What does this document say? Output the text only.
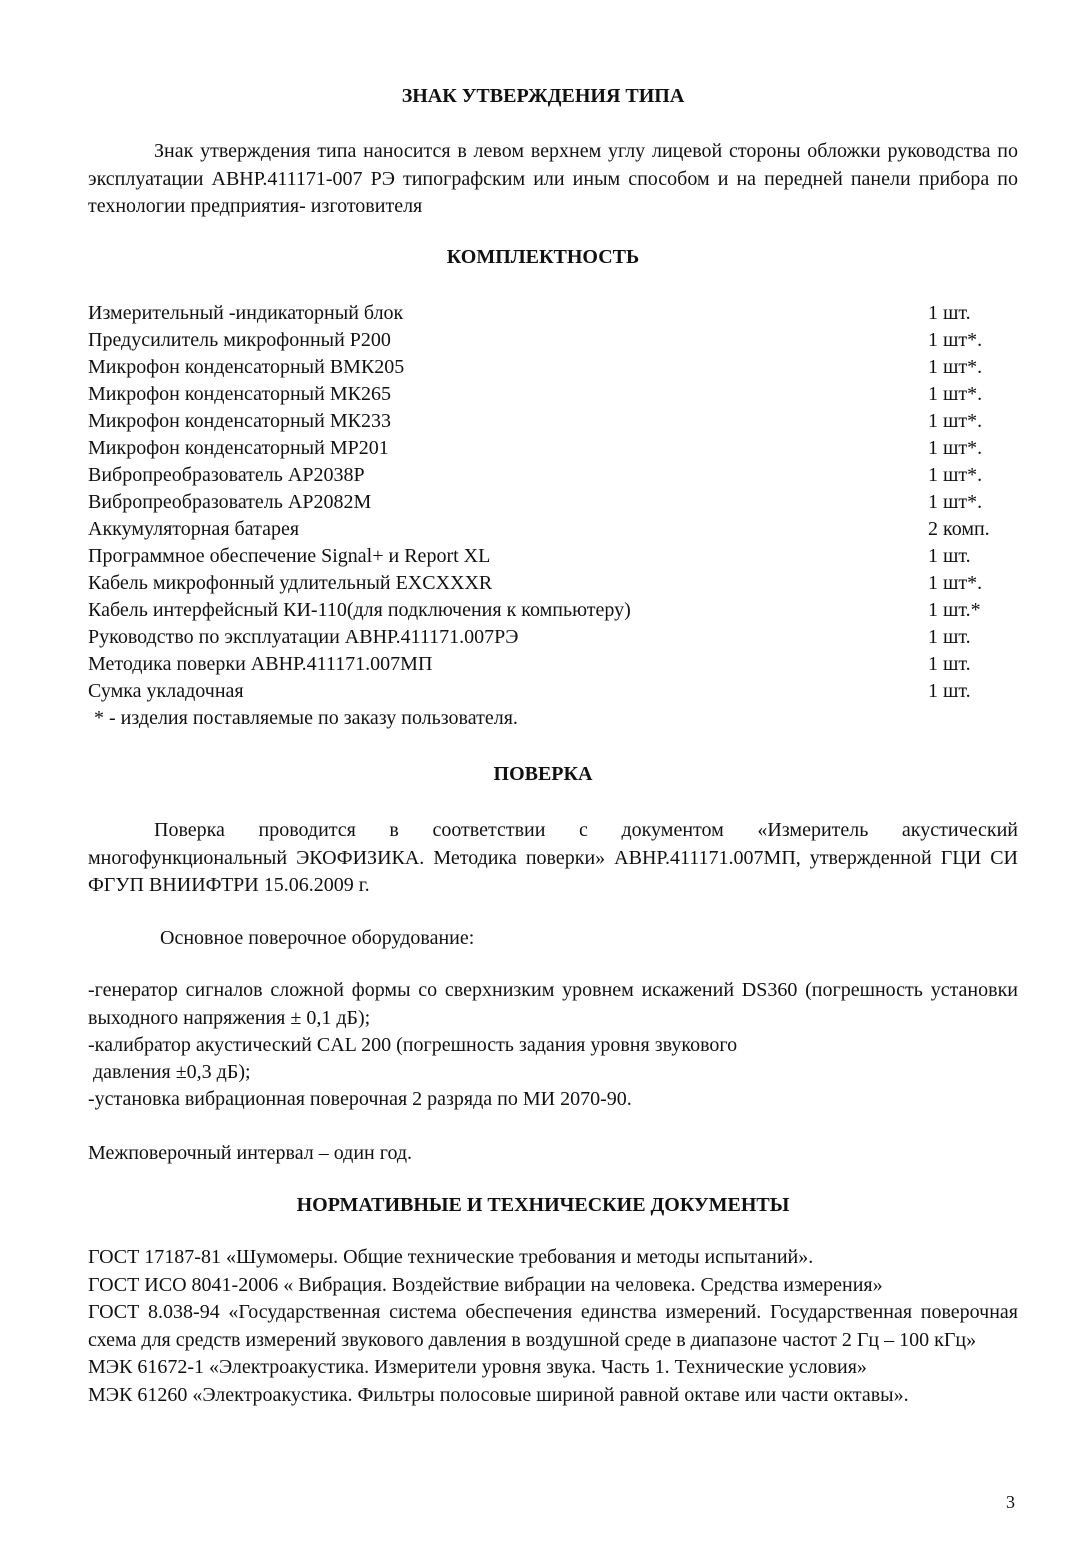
ЗНАК УТВЕРЖДЕНИЯ ТИПА

Знак утверждения типа наносится в левом верхнем углу лицевой стороны обложки руководства по эксплуатации АВНР.411171-007 РЭ типографским или иным способом и на передней панели прибора по технологии предприятия- изготовителя

КОМПЛЕКТНОСТЬ
Измерительный -индикаторный блок	1 шт.
Предусилитель микрофонный Р200	1 шт*.
Микрофон конденсаторный ВМК205	1 шт*.
Микрофон конденсаторный МК265	1 шт*.
Микрофон конденсаторный МК233	1 шт*.
Микрофон конденсаторный МР201	1 шт*.
Вибропреобразователь АР2038Р	1 шт*.
Вибропреобразователь АР2082М	1 шт*.
Аккумуляторная батарея	2 комп.
Программное обеспечение Signal+ и Report XL	1 шт.
Кабель микрофонный удлительный EXCXXXR	1 шт*.
Кабель интерфейсный КИ-110(для подключения к компьютеру)	1 шт.*
Руководство по эксплуатации АВНР.411171.007РЭ	1 шт.
Методика поверки АВНР.411171.007МП	1 шт.
Сумка укладочная	1 шт.
* - изделия поставляемые по заказу пользователя.
ПОВЕРКА

Поверка проводится в соответствии с документом «Измеритель акустический многофункциональный ЭКОФИЗИКА. Методика поверки» АВНР.411171.007МП, утвержденной ГЦИ СИ ФГУП ВНИИФТРИ 15.06.2009 г.

Основное поверочное оборудование:

-генератор сигналов сложной формы со сверхнизким уровнем искажений DS360 (погрешность установки выходного напряжения ± 0,1 дБ);

-калибратор акустический CAL 200 (погрешность задания уровня звукового

давления ±0,3 дБ);

-установка вибрационная поверочная 2 разряда по МИ 2070-90.

Межповерочный интервал – один год.
НОРМАТИВНЫЕ И ТЕХНИЧЕСКИЕ ДОКУМЕНТЫ

ГОСТ 17187-81 «Шумомеры. Общие технические требования и методы испытаний».

ГОСТ ИСО 8041-2006 « Вибрация. Воздействие вибрации на человека. Средства измерения»

ГОСТ 8.038-94 «Государственная система обеспечения единства измерений. Государственная поверочная схема для средств измерений звукового давления в воздушной среде в диапазоне частот 2 Гц – 100 кГц»

МЭК 61672-1 «Электроакустика. Измерители уровня звука. Часть 1. Технические условия»

МЭК 61260 «Электроакустика. Фильтры полосовые шириной равной октаве или части октавы».

3
